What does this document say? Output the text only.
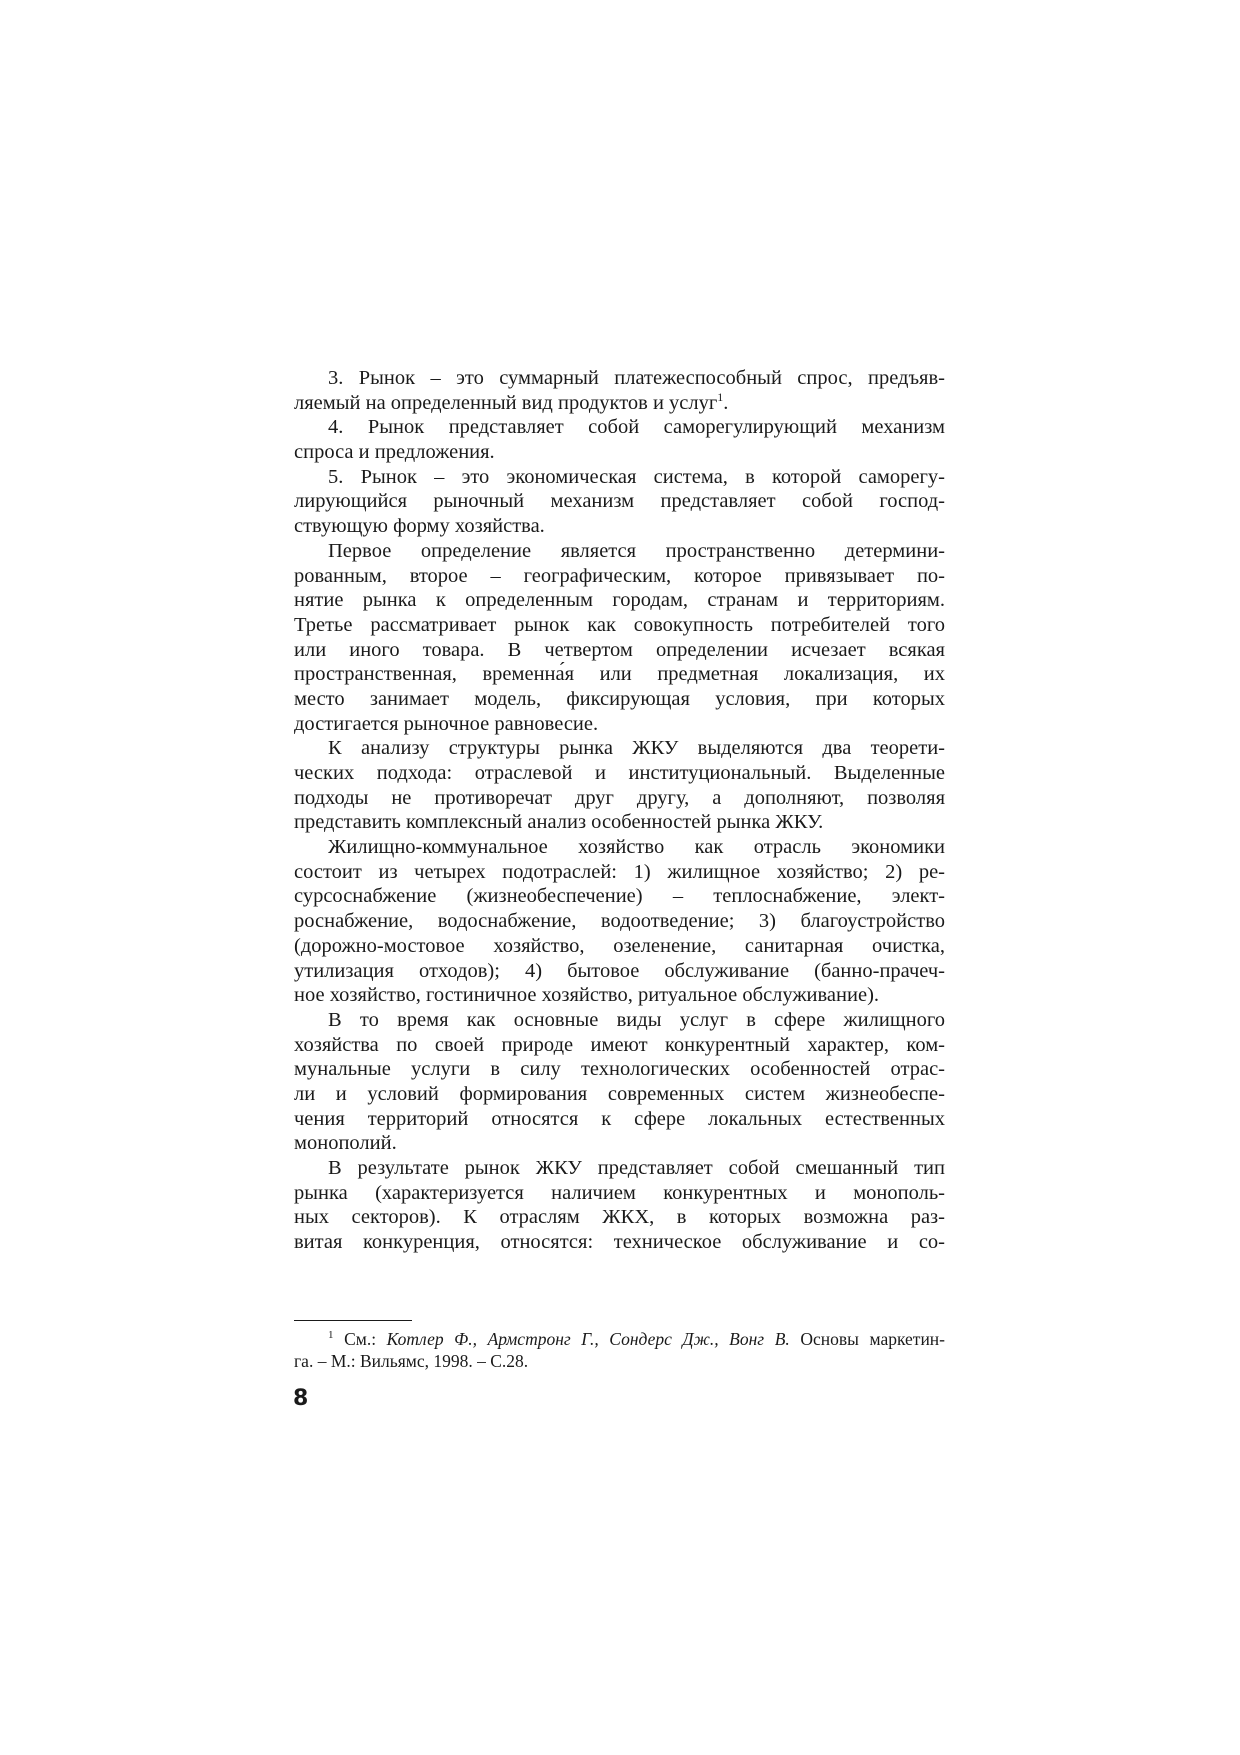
3. Рынок – это суммарный платежеспособный спрос, предъяв-
ляемый на определенный вид продуктов и услуг$^1$.
4. Рынок представляет собой саморегулирующий механизм
спроса и предложения.
5. Рынок – это экономическая система, в которой саморегу-
лирующийся рыночный механизм представляет собой господ-
ствующую форму хозяйства.
Первое определение является пространственно детермини-
рованным, второе – географическим, которое привязывает по-
нятие рынка к определенным городам, странам и территориям.
Третье рассматривает рынок как совокупность потребителей того
или иного товара. В четвертом определении исчезает всякая
пространственная, временна́я или предметная локализация, их
место занимает модель, фиксирующая условия, при которых
достигается рыночное равновесие.
К анализу структуры рынка ЖКУ выделяются два теорети-
ческих подхода: отраслевой и институциональный. Выделенные
подходы не противоречат друг другу, а дополняют, позволяя
представить комплексный анализ особенностей рынка ЖКУ.
Жилищно-коммунальное хозяйство как отрасль экономики
состоит из четырех подотраслей: 1) жилищное хозяйство; 2) ре-
сурсоснабжение (жизнеобеспечение) – теплоснабжение, элект-
роснабжение, водоснабжение, водоотведение; 3) благоустройство
(дорожно-мостовое хозяйство, озеленение, санитарная очистка,
утилизация отходов); 4) бытовое обслуживание (банно-прачеч-
ное хозяйство, гостиничное хозяйство, ритуальное обслуживание).
В то время как основные виды услуг в сфере жилищного
хозяйства по своей природе имеют конкурентный характер, ком-
мунальные услуги в силу технологических особенностей отрас-
ли и условий формирования современных систем жизнеобеспе-
чения территорий относятся к сфере локальных естественных
монополий.
В результате рынок ЖКУ представляет собой смешанный тип
рынка (характеризуется наличием конкурентных и монополь-
ных секторов). К отраслям ЖКХ, в которых возможна раз-
витая конкуренция, относятся: техническое обслуживание и со-
$^1$ См.: Котлер Ф., Армстронг Г., Сондерс Дж., Вонг В. Основы маркетин-
га. – М.: Вильямс, 1998. – С.28.
8
